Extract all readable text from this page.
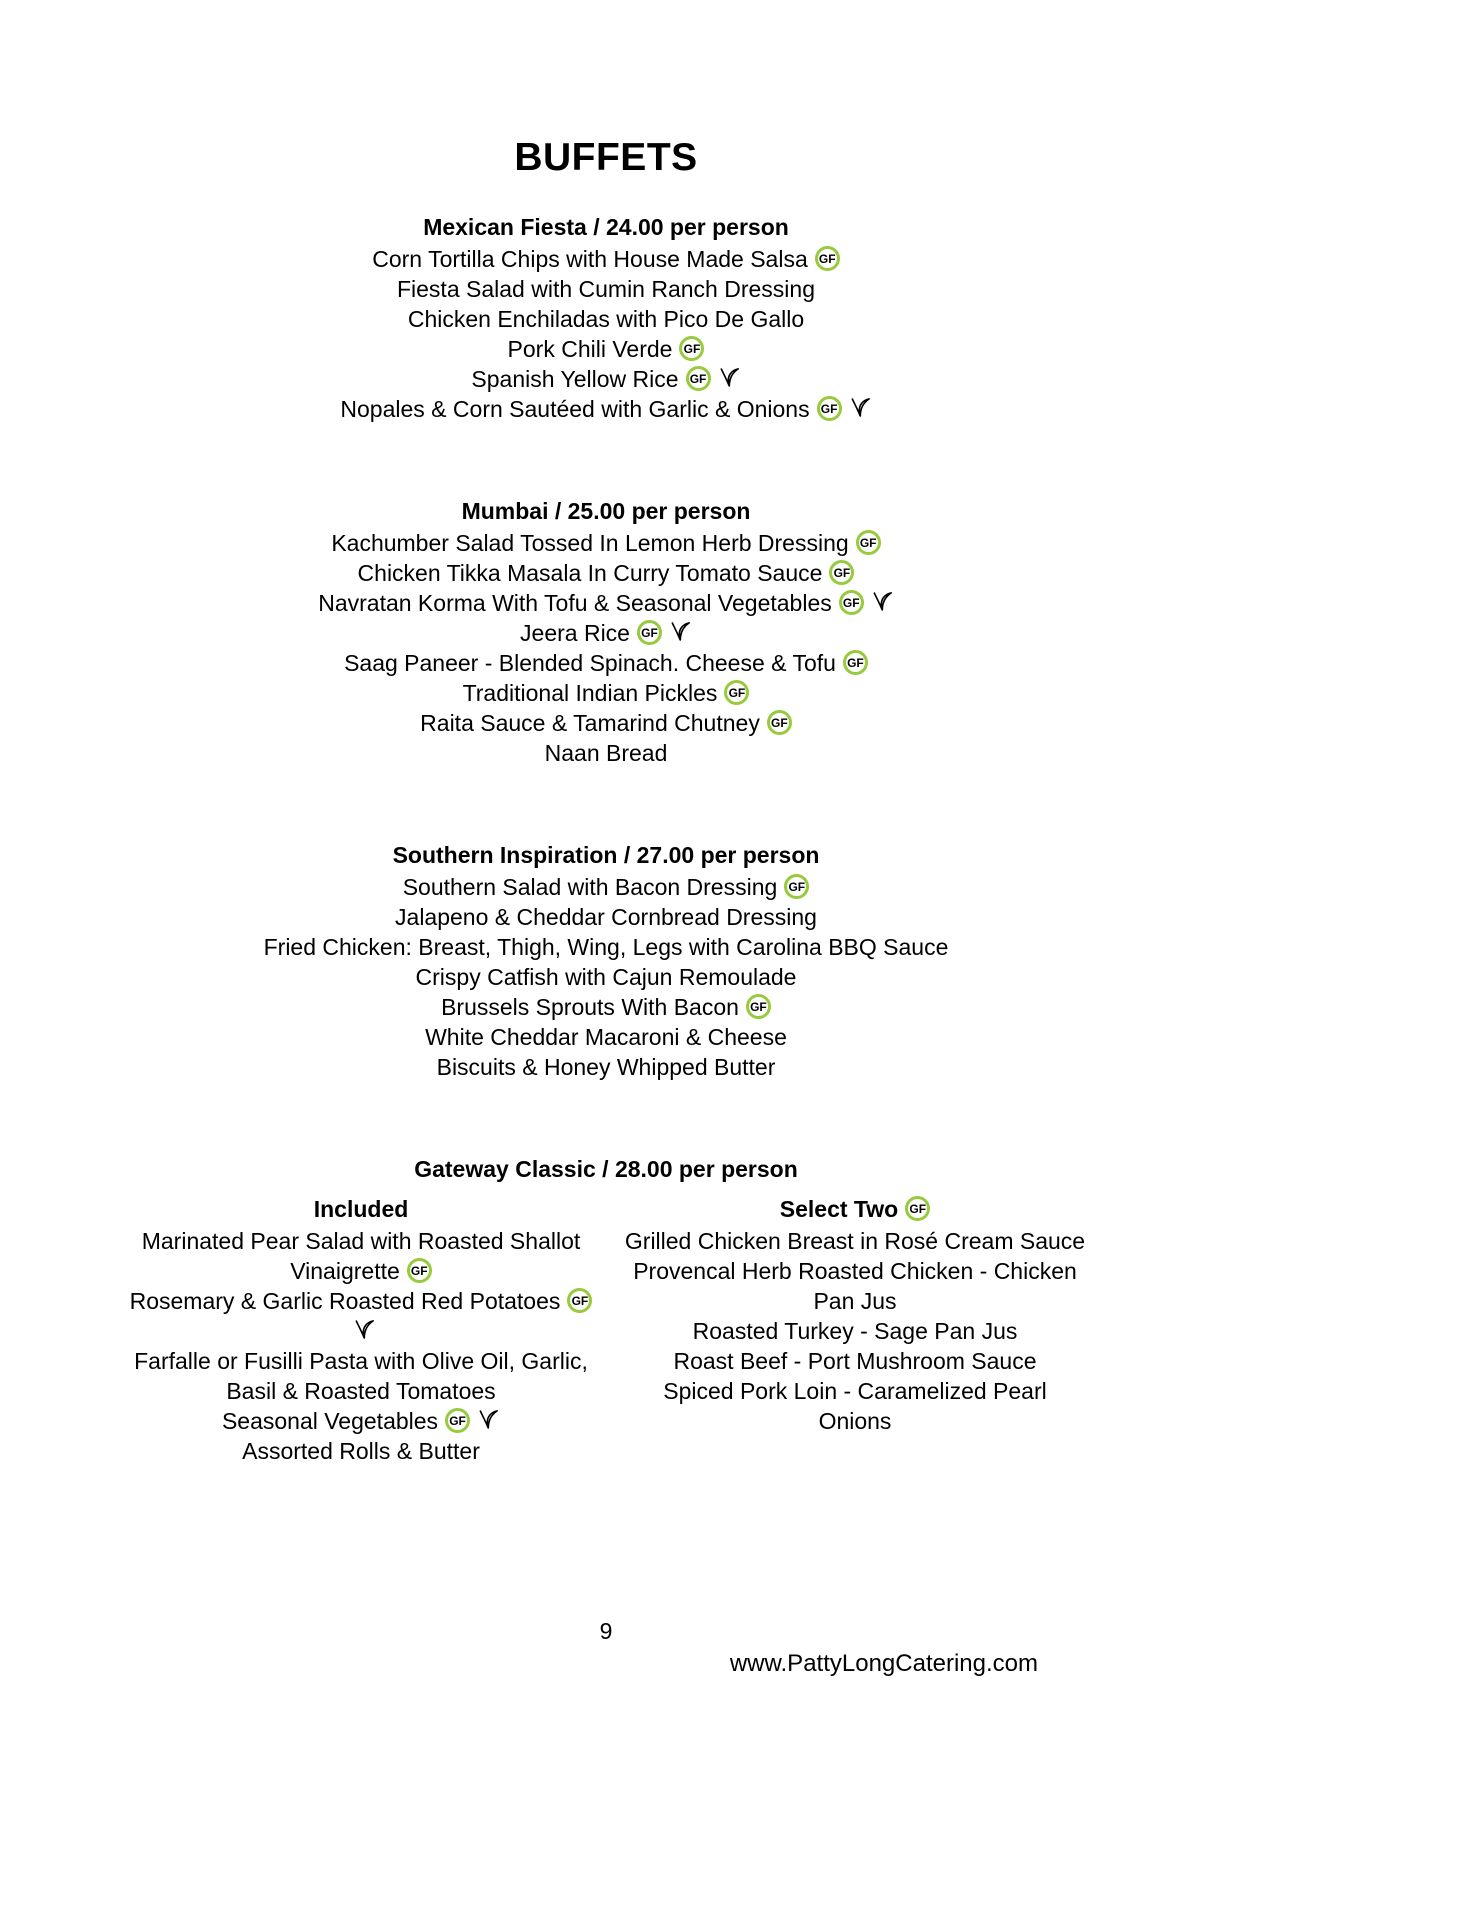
BUFFETS
Mexican Fiesta / 24.00 per person
Corn Tortilla Chips with House Made Salsa GF
Fiesta Salad with Cumin Ranch Dressing
Chicken Enchiladas with Pico De Gallo
Pork Chili Verde GF
Spanish Yellow Rice GF
Nopales & Corn Sautéed with Garlic & Onions GF
Mumbai / 25.00 per person
Kachumber Salad Tossed In Lemon Herb Dressing GF
Chicken Tikka Masala In Curry Tomato Sauce GF
Navratan Korma With Tofu & Seasonal Vegetables GF
Jeera Rice GF
Saag Paneer - Blended Spinach. Cheese & Tofu GF
Traditional Indian Pickles GF
Raita Sauce & Tamarind Chutney GF
Naan Bread
Southern Inspiration / 27.00 per person
Southern Salad with Bacon Dressing GF
Jalapeno & Cheddar Cornbread Dressing
Fried Chicken: Breast, Thigh, Wing, Legs with Carolina BBQ Sauce
Crispy Catfish with Cajun Remoulade
Brussels Sprouts With Bacon GF
White Cheddar Macaroni & Cheese
Biscuits & Honey Whipped Butter
Gateway Classic / 28.00 per person
Included
Marinated Pear Salad with Roasted Shallot Vinaigrette GF
Rosemary & Garlic Roasted Red Potatoes GF
Farfalle or Fusilli Pasta with Olive Oil, Garlic, Basil & Roasted Tomatoes
Seasonal Vegetables GF
Assorted Rolls & Butter
Select Two GF
Grilled Chicken Breast in Rosé Cream Sauce
Provencal Herb Roasted Chicken - Chicken Pan Jus
Roasted Turkey - Sage Pan Jus
Roast Beef - Port Mushroom Sauce
Spiced Pork Loin - Caramelized Pearl Onions
9
www.PattyLongCatering.com
